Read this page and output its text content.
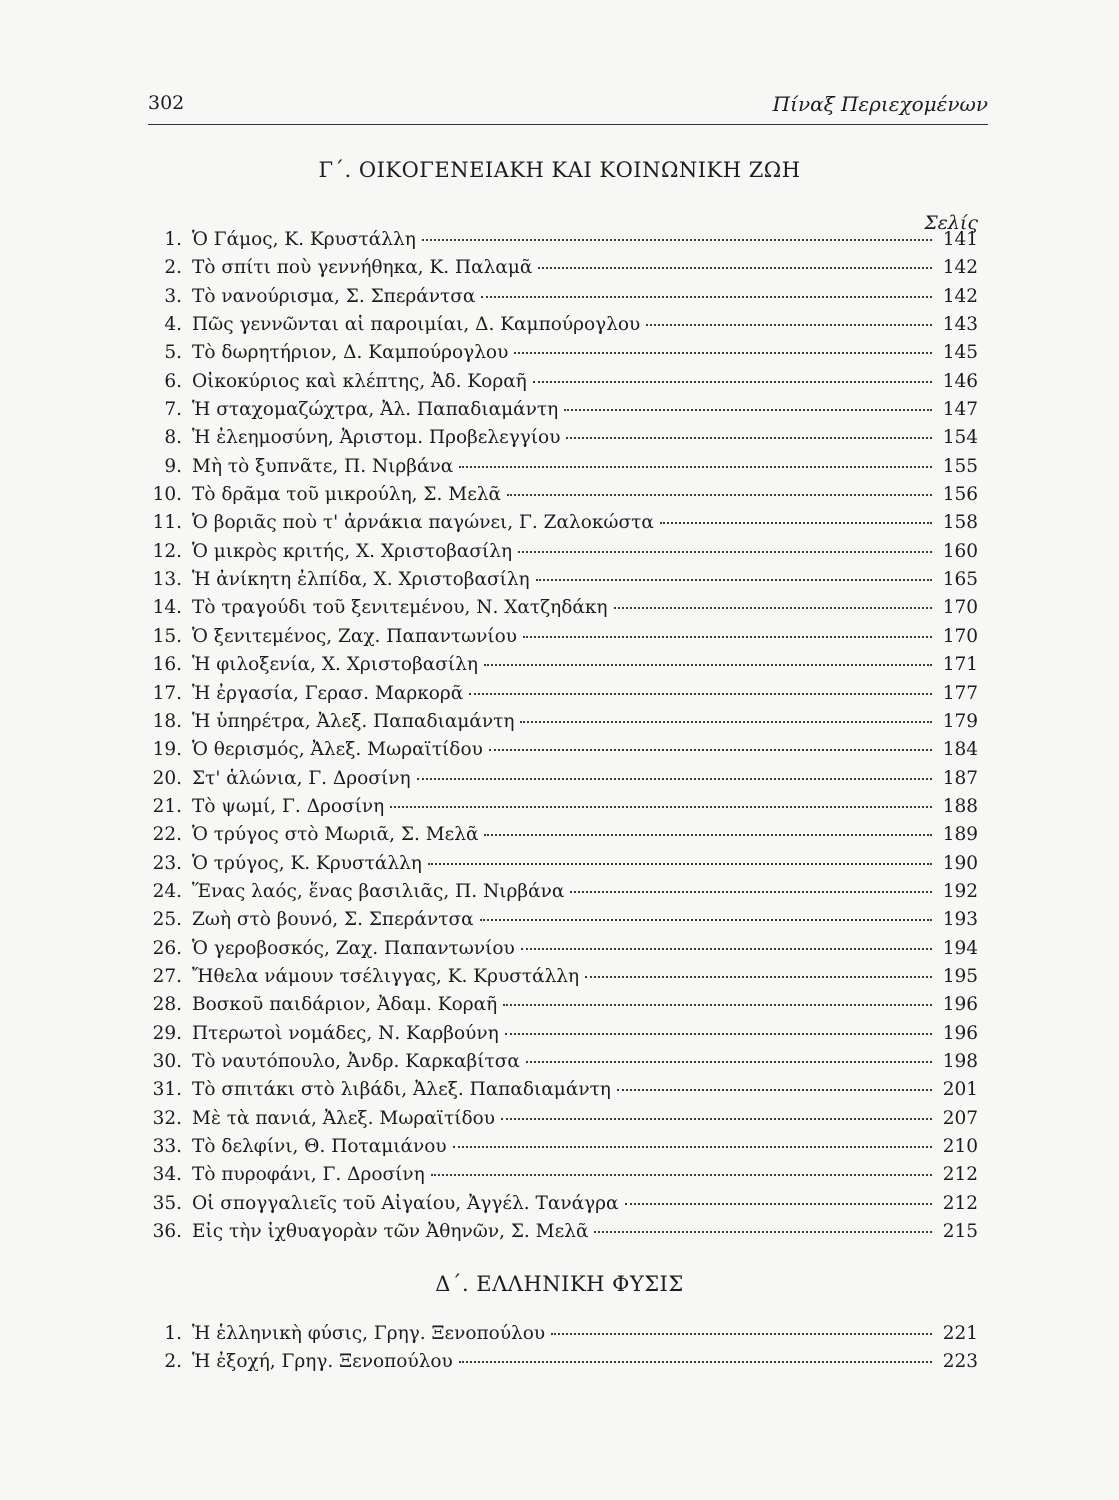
302	Πίναξ Περιεχομένων
Γ΄. ΟΙΚΟΓΕΝΕΙΑΚΗ ΚΑΙ ΚΟΙΝΩΝΙΚΗ ΖΩΗ
Σελίς
1. Ὁ Γάμος, Κ. Κρυστάλλη	141
2. Τὸ σπίτι ποὺ γεννήθηκα, Κ. Παλαμᾶ	142
3. Τὸ νανούρισμα, Σ. Σπεράντσα	142
4. Πῶς γεννῶνται αἱ παροιμίαι, Δ. Καμπούρογλου	143
5. Τὸ δωρητήριον, Δ. Καμπούρογλου	145
6. Οἰκοκύριος καὶ κλέπτης, Ἀδ. Κοραῆ	146
7. Ἡ σταχομαζώχτρα, Ἀλ. Παπαδιαμάντη	147
8. Ἡ ἐλεημοσύνη, Ἀριστομ. Προβελεγγίου	154
9. Μὴ τὸ ξυπνᾶτε, Π. Νιρβάνα	155
10. Τὸ δρᾶμα τοῦ μικρούλη, Σ. Μελᾶ	156
11. Ὁ βοριᾶς ποὺ τ' ἀρνάκια παγώνει, Γ. Ζαλοκώστα	158
12. Ὁ μικρὸς κριτής, Χ. Χριστοβασίλη	160
13. Ἡ ἀνίκητη ἐλπίδα, Χ. Χριστοβασίλη	165
14. Τὸ τραγούδι τοῦ ξενιτεμένου, Ν. Χατζηδάκη	170
15. Ὁ ξενιτεμένος, Ζαχ. Παπαντωνίου	170
16. Ἡ φιλοξενία, Χ. Χριστοβασίλη	171
17. Ἡ ἐργασία, Γερασ. Μαρκορᾶ	177
18. Ἡ ὑπηρέτρα, Ἀλεξ. Παπαδιαμάντη	179
19. Ὁ θερισμός, Ἀλεξ. Μωραϊτίδου	184
20. Στ' ἁλώνια, Γ. Δροσίνη	187
21. Τὸ ψωμί, Γ. Δροσίνη	188
22. Ὁ τρύγος στὸ Μωριᾶ, Σ. Μελᾶ	189
23. Ὁ τρύγος, Κ. Κρυστάλλη	190
24. Ἕνας λαός, ἕνας βασιλιᾶς, Π. Νιρβάνα	192
25. Ζωὴ στὸ βουνό, Σ. Σπεράντσα	193
26. Ὁ γεροβοσκός, Ζαχ. Παπαντωνίου	194
27. Ἤθελα νάμουν τσέλιγγας, Κ. Κρυστάλλη	195
28. Βοσκοῦ παιδάριον, Ἀδαμ. Κοραῆ	196
29. Πτερωτοὶ νομάδες, Ν. Καρβούνη	196
30. Τὸ ναυτόπουλο, Ἀνδρ. Καρκαβίτσα	198
31. Τὸ σπιτάκι στὸ λιβάδι, Ἀλεξ. Παπαδιαμάντη	201
32. Μὲ τὰ πανιά, Ἀλεξ. Μωραϊτίδου	207
33. Τὸ δελφίνι, Θ. Ποταμιάνου	210
34. Τὸ πυροφάνι, Γ. Δροσίνη	212
35. Οἱ σπογγαλιεῖς τοῦ Αἰγαίου, Ἀγγέλ. Τανάγρα	212
36. Εἰς τὴν ἰχθυαγορὰν τῶν Ἀθηνῶν, Σ. Μελᾶ	215
Δ΄. ΕΛΛΗΝΙΚΗ ΦΥΣΙΣ
1. Ἡ ἑλληνικὴ φύσις, Γρηγ. Ξενοπούλου	221
2. Ἡ ἐξοχή, Γρηγ. Ξενοπούλου	223
